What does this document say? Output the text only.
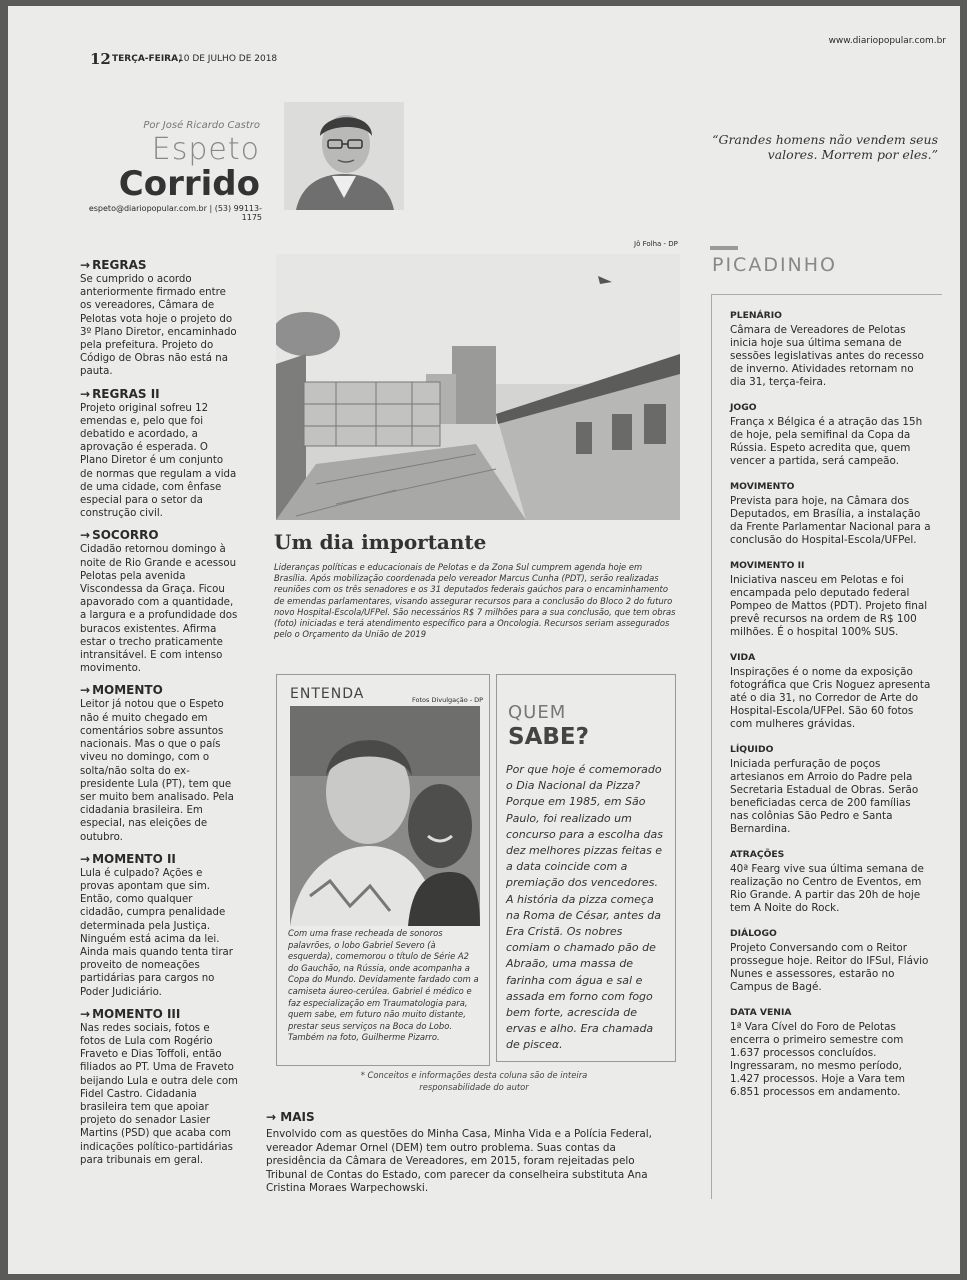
12 TERÇA-FEIRA,
10 DE JULHO DE 2018
www.diariopopular.com.br
Por José Ricardo Castro
Espeto
Corrido
espeto@diariopopular.com.br | (53) 99113-1175
“Grandes homens não vendem seus valores. Morrem por eles.”
→ REGRAS

Se cumprido o acordo anteriormente firmado entre os vereadores, Câmara de Pelotas vota hoje o projeto do 3º Plano Diretor, encaminhado pela prefeitura. Projeto do Código de Obras não está na pauta.

→ REGRAS II

Projeto original sofreu 12 emendas e, pelo que foi debatido e acordado, a aprovação é esperada. O Plano Diretor é um conjunto de normas que regulam a vida de uma cidade, com ênfase especial para o setor da construção civil.

→ SOCORRO

Cidadão retornou domingo à noite de Rio Grande e acessou Pelotas pela avenida Viscondessa da Graça. Ficou apavorado com a quantidade, a largura e a profundidade dos buracos existentes. Afirma estar o trecho praticamente intransitável. E com intenso movimento.

→ MOMENTO

Leitor já notou que o Espeto não é muito chegado em comentários sobre assuntos nacionais. Mas o que o país viveu no domingo, com o solta/não solta do ex-presidente Lula (PT), tem que ser muito bem analisado. Pela cidadania brasileira. Em especial, nas eleições de outubro.

→ MOMENTO II

Lula é culpado? Ações e provas apontam que sim. Então, como qualquer cidadão, cumpra penalidade determinada pela Justiça. Ninguém está acima da lei. Ainda mais quando tenta tirar proveito de nomeações partidárias para cargos no Poder Judiciário.

→ MOMENTO III

Nas redes sociais, fotos e fotos de Lula com Rogério Fraveto e Dias Toffoli, então filiados ao PT. Uma de Fraveto beijando Lula e outra dele com Fidel Castro. Cidadania brasileira tem que apoiar projeto do senador Lasier Martins (PSD) que acaba com indicações político-partidárias para tribunais em geral.

Jô Folha - DP
Um dia importante
Lideranças políticas e educacionais de Pelotas e da Zona Sul cumprem agenda hoje em Brasília. Após mobilização coordenada pelo vereador Marcus Cunha (PDT), serão realizadas reuniões com os três senadores e os 31 deputados federais gaúchos para o encaminhamento de emendas parlamentares, visando assegurar recursos para a conclusão do Bloco 2 do futuro novo Hospital-Escola/UFPel. São necessários R$ 7 milhões para a sua conclusão, que tem obras (foto) iniciadas e terá atendimento específico para a Oncologia. Recursos seriam assegurados pelo o Orçamento da União de 2019
ENTENDA	Fotos Divulgação - DP
Com uma frase recheada de sonoros palavrões, o lobo Gabriel Severo (à esquerda), comemorou o título de Série A2 do Gauchão, na Rússia, onde acompanha a Copa do Mundo. Devidamente fardado com a camiseta áureo-cerúlea. Gabriel é médico e faz especialização em Traumatologia para, quem sabe, em futuro não muito distante, prestar seus serviços na Boca do Lobo. Também na foto, Guilherme Pizarro.
QUEM
SABE?
Por que hoje é comemorado o Dia Nacional da Pizza? Porque em 1985, em São Paulo, foi realizado um concurso para a escolha das dez melhores pizzas feitas e a data coincide com a premiação dos vencedores. A história da pizza começa na Roma de César, antes da Era Cristã. Os nobres comiam o chamado pão de Abraão, uma massa de farinha com água e sal e assada em forno com fogo bem forte, acrescida de ervas e alho. Era chamada de pisceα.
* Conceitos e informações desta coluna são de inteira responsabilidade do autor
→ MAIS
Envolvido com as questões do Minha Casa, Minha Vida e a Polícia Federal, vereador Ademar Ornel (DEM) tem outro problema. Suas contas da presidência da Câmara de Vereadores, em 2015, foram rejeitadas pelo Tribunal de Contas do Estado, com parecer da conselheira substituta Ana Cristina Moraes Warpechowski.
PICADINHO
PLENÁRIO

Câmara de Vereadores de Pelotas inicia hoje sua última semana de sessões legislativas antes do recesso de inverno. Atividades retornam no dia 31, terça-feira.

JOGO

França x Bélgica é a atração das 15h de hoje, pela semifinal da Copa da Rússia. Espeto acredita que, quem vencer a partida, será campeão.

MOVIMENTO

Prevista para hoje, na Câmara dos Deputados, em Brasília, a instalação da Frente Parlamentar Nacional para a conclusão do Hospital-Escola/UFPel.

MOVIMENTO II

Iniciativa nasceu em Pelotas e foi encampada pelo deputado federal Pompeo de Mattos (PDT). Projeto final prevê recursos na ordem de R$ 100 milhões. É o hospital 100% SUS.

VIDA

Inspirações é o nome da exposição fotográfica que Cris Noguez apresenta até o dia 31, no Corredor de Arte do Hospital-Escola/UFPel. São 60 fotos com mulheres grávidas.

LÍQUIDO

Iniciada perfuração de poços artesianos em Arroio do Padre pela Secretaria Estadual de Obras. Serão beneficiadas cerca de 200 famílias nas colônias São Pedro e Santa Bernardina.

ATRAÇÕES

40ª Fearg vive sua última semana de realização no Centro de Eventos, em Rio Grande. A partir das 20h de hoje tem A Noite do Rock.

DIÁLOGO

Projeto Conversando com o Reitor prossegue hoje. Reitor do IFSul, Flávio Nunes e assessores, estarão no Campus de Bagé.

DATA VENIA

1ª Vara Cível do Foro de Pelotas encerra o primeiro semestre com 1.637 processos concluídos. Ingressaram, no mesmo período, 1.427 processos. Hoje a Vara tem 6.851 processos em andamento.
